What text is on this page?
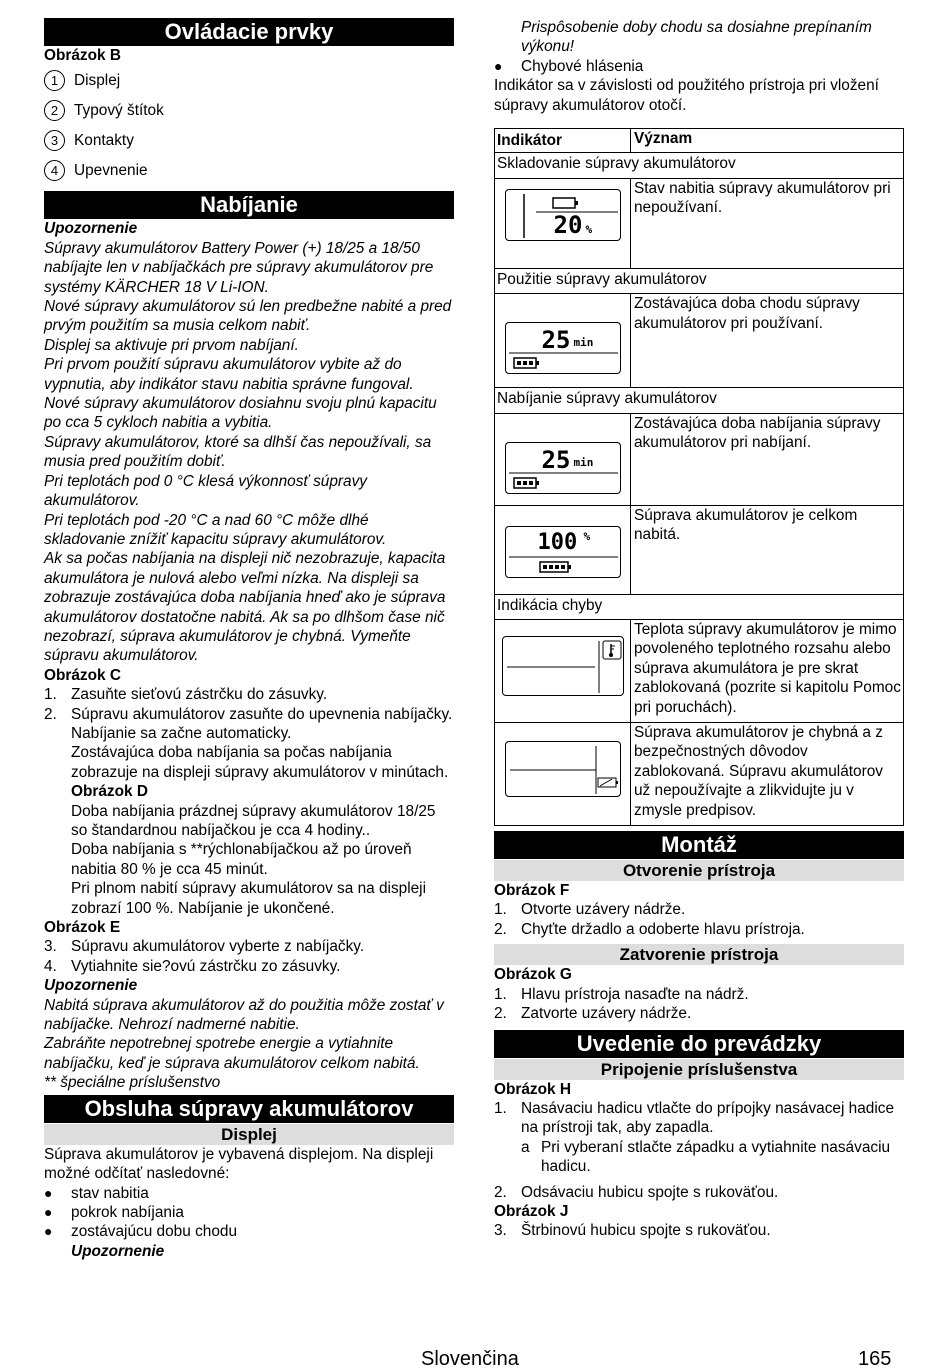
Ovládacie prvky

Obrázok B

1	Displej
2	Typový štítok
3	Kontakty
4	Upevnenie
Nabíjanie

Upozornenie

Súpravy akumulátorov Battery Power (+) 18/25 a 18/50 nabíjajte len v nabíjačkách pre súpravy akumulátorov pre systémy KÄRCHER 18 V Li-ION.

Nové súpravy akumulátorov sú len predbežne nabité a pred prvým použitím sa musia celkom nabiť.

Displej sa aktivuje pri prvom nabíjaní.

Pri prvom použití súpravu akumulátorov vybite až do vypnutia, aby indikátor stavu nabitia správne fungoval.

Nové súpravy akumulátorov dosiahnu svoju plnú kapacitu po cca 5 cykloch nabitia a vybitia.

Súpravy akumulátorov, ktoré sa dlhší čas nepoužívali, sa musia pred použitím dobiť.

Pri teplotách pod 0 °C klesá výkonnosť súpravy akumulátorov.

Pri teplotách pod -20 °C a nad 60 °C môže dlhé skladovanie znížiť kapacitu súpravy akumulátorov.

Ak sa počas nabíjania na displeji nič nezobrazuje, kapacita akumulátora je nulová alebo veľmi nízka. Na displeji sa zobrazuje zostávajúca doba nabíjania hneď ako je súprava akumulátorov dostatočne nabitá. Ak sa po dlhšom čase nič nezobrazí, súprava akumulátorov je chybná. Vymeňte súpravu akumulátorov.

Obrázok C

1. Zasuňte sieťovú zástrčku do zásuvky.
2. Súpravu akumulátorov zasuňte do upevnenia nabíjačky.

Nabíjanie sa začne automaticky.

Zostávajúca doba nabíjania sa počas nabíjania zobrazuje na displeji súpravy akumulátorov v minútach.

Obrázok D

Doba nabíjania prázdnej súpravy akumulátorov 18/25 so štandardnou nabíjačkou je cca 4 hodiny..

Doba nabíjania s **rýchlonabíjačkou až po úroveň nabitia 80 % je cca 45 minút.

Pri plnom nabití súpravy akumulátorov sa na displeji zobrazí 100 %. Nabíjanie je ukončené.

Obrázok E

3. Súpravu akumulátorov vyberte z nabíjačky.
4. Vytiahnite sie?ovú zástrčku zo zásuvky.

Upozornenie

Nabitá súprava akumulátorov až do použitia môže zostať v nabíjačke. Nehrozí nadmerné nabitie.

Zabráňte nepotrebnej spotrebe energie a vytiahnite nabíjačku, keď je súprava akumulátorov celkom nabitá.

** špeciálne príslušenstvo

Obsluha súpravy akumulátorov
Displej

Súprava akumulátorov je vybavená displejom. Na displeji možné odčítať nasledovné:

●	stav nabitia
●	pokrok nabíjania
●	zostávajúcu dobu chodu

Upozornenie

Prispôsobenie doby chodu sa dosiahne prepínaním výkonu!

●	Chybové hlásenia

Indikátor sa v závislosti od použitého prístroja pri vložení súpravy akumulátorov otočí.

Indikátor	Význam
Skladovanie súpravy akumulátorov
20 %
Stav nabitia súpravy akumulátorov pri nepoužívaní.
Použitie súpravy akumulátorov
25 min
Zostávajúca doba chodu súpravy akumulátorov pri používaní.
Nabíjanie súpravy akumulátorov
25 min
Zostávajúca doba nabíjania súpravy akumulátorov pri nabíjaní.
100 %
Súprava akumulátorov je celkom nabitá.
Indikácia chyby
Teplota súpravy akumulátorov je mimo povoleného teplotného rozsahu alebo súprava akumulátora je pre skrat zablokovaná (pozrite si kapitolu Pomoc pri poruchách).
Súprava akumulátorov je chybná a z bezpečnostných dôvodov zablokovaná. Súpravu akumulátorov už nepoužívajte a zlikvidujte ju v zmysle predpisov.
Montáž
Otvorenie prístroja

Obrázok F

1. Otvorte uzávery nádrže.
2. Chyťte držadlo a odoberte hlavu prístroja.
Zatvorenie prístroja

Obrázok G

1. Hlavu prístroja nasaďte na nádrž.
2. Zatvorte uzávery nádrže.
Uvedenie do prevádzky
Pripojenie príslušenstva

Obrázok H

1. Nasávaciu hadicu vtlačte do prípojky nasávacej hadice na prístroji tak, aby zapadla.
a Pri vyberaní stlačte západku a vytiahnite nasávaciu hadicu.
2. Odsávaciu hubicu spojte s rukoväťou.

Obrázok J

3. Štrbinovú hubicu spojte s rukoväťou.
Slovenčina	165
